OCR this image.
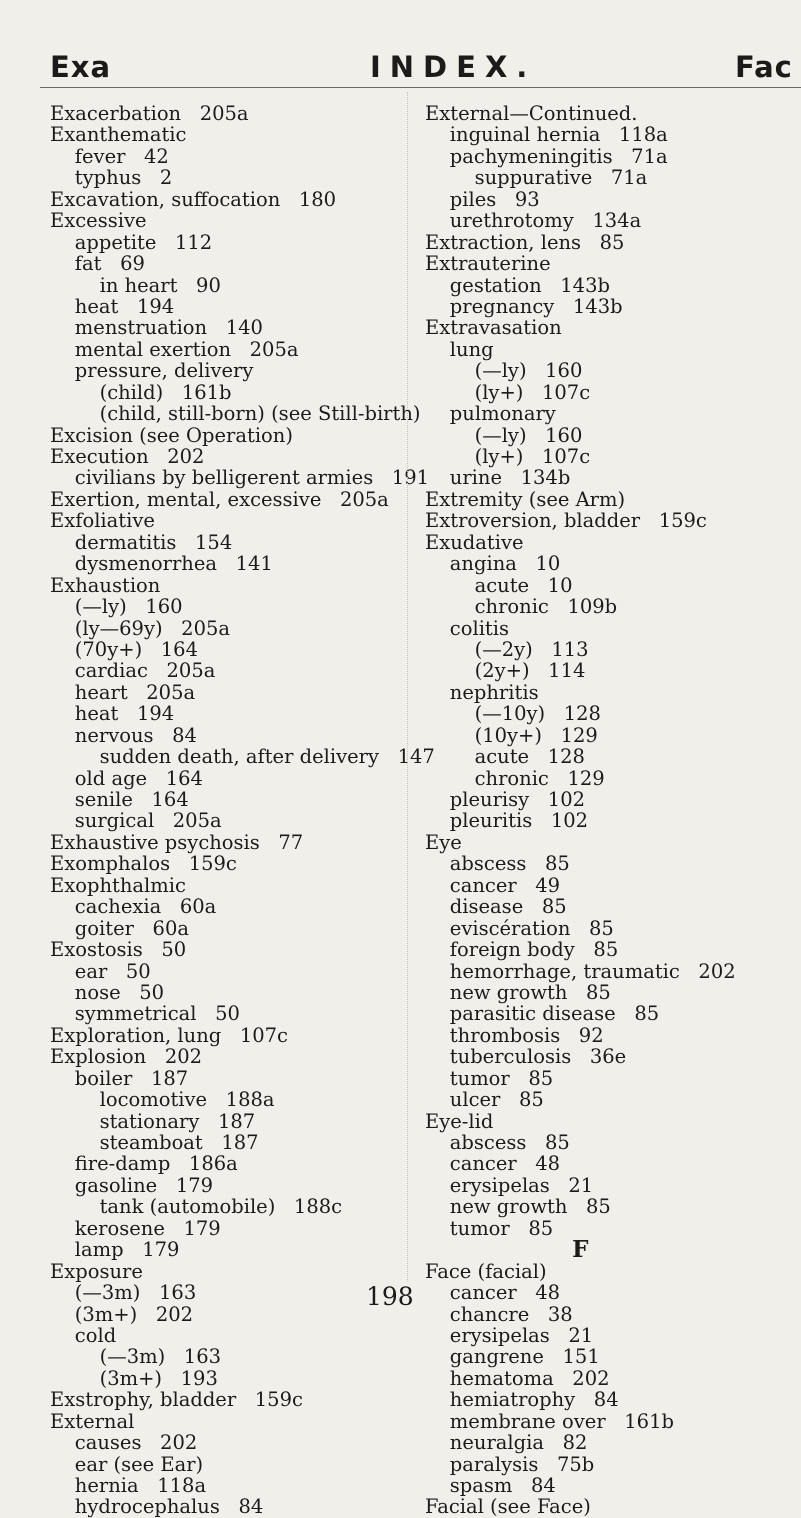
Exa	INDEX.	Fac
Exacerbation   205a
Exanthematic
fever   42
typhus   2
Excavation, suffocation   180
Excessive
appetite   112
fat   69
in heart   90
heat   194
menstruation   140
mental exertion   205a
pressure, delivery
(child)   161b
(child, still-born) (see Still-birth)
Excision (see Operation)
Execution   202
civilians by belligerent armies   191
Exertion, mental, excessive   205a
Exfoliative
dermatitis   154
dysmenorrhea   141
Exhaustion
(—ly)   160
(ly—69y)   205a
(70y+)   164
cardiac   205a
heart   205a
heat   194
nervous   84
sudden death, after delivery   147
old age   164
senile   164
surgical   205a
Exhaustive psychosis   77
Exomphalos   159c
Exophthalmic
cachexia   60a
goiter   60a
Exostosis   50
ear   50
nose   50
symmetrical   50
Exploration, lung   107c
Explosion   202
boiler   187
locomotive   188a
stationary   187
steamboat   187
fire-damp   186a
gasoline   179
tank (automobile)   188c
kerosene   179
lamp   179
Exposure
(—3m)   163
(3m+)   202
cold
(—3m)   163
(3m+)   193
Exstrophy, bladder   159c
External
causes   202
ear (see Ear)
hernia   118a
hydrocephalus   84
External—Continued.
inguinal hernia   118a
pachymeningitis   71a
suppurative   71a
piles   93
urethrotomy   134a
Extraction, lens   85
Extrauterine
gestation   143b
pregnancy   143b
Extravasation
lung
(—ly)   160
(ly+)   107c
pulmonary
(—ly)   160
(ly+)   107c
urine   134b
Extremity (see Arm)
Extroversion, bladder   159c
Exudative
angina   10
acute   10
chronic   109b
colitis
(—2y)   113
(2y+)   114
nephritis
(—10y)   128
(10y+)   129
acute   128
chronic   129
pleurisy   102
pleuritis   102
Eye
abscess   85
cancer   49
disease   85
eviscération   85
foreign body   85
hemorrhage, traumatic   202
new growth   85
parasitic disease   85
thrombosis   92
tuberculosis   36e
tumor   85
ulcer   85
Eye-lid
abscess   85
cancer   48
erysipelas   21
new growth   85
tumor   85
F
Face (facial)
cancer   48
chancre   38
erysipelas   21
gangrene   151
hematoma   202
hemiatrophy   84
membrane over   161b
neuralgia   82
paralysis   75b
spasm   84
Facial (see Face)
198
